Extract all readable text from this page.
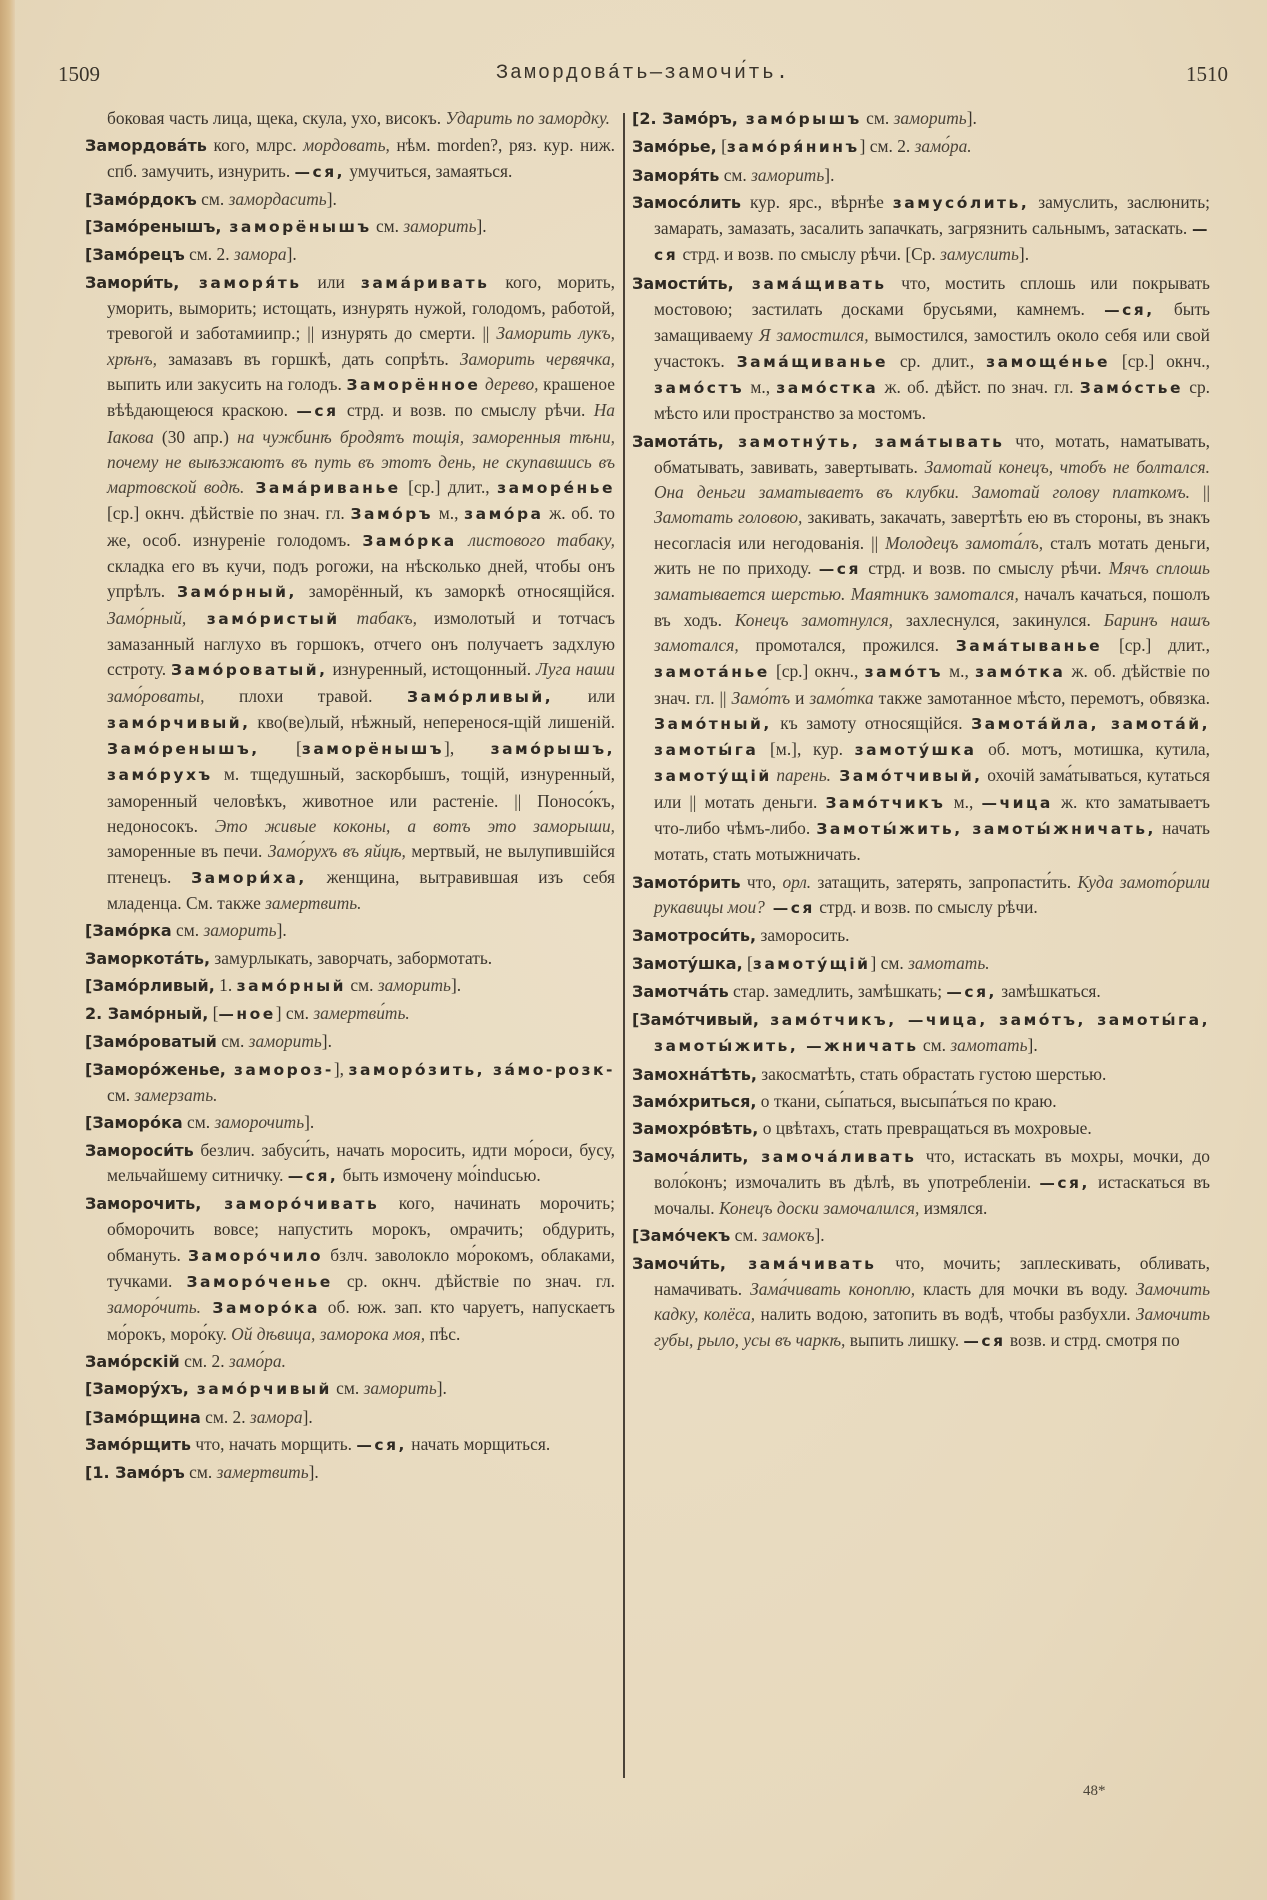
1509	Замордовáть—замочи́ть.	1510

боковая часть лица, щека, скула, ухо, високъ. Ударить по замордку.

Замордовáть кого, млрс. мордовать, нѣм. morden?, ряз. кур. ниж. спб. замучить, изнурить. —ся, умучиться, замаяться.

[Замо́рдокъ см. замордасить].

[Замо́ренышъ, заморёнышъ см. заморить].

[Замо́рецъ см. 2. замора].

Замори́ть, заморя́ть или зама́ривать кого, морить, уморить, выморить; истощать, изнурять нужой, голодомъ, работой, тревогой и заботамиипр.; || изнурять до смерти. || Заморить лукъ, хрѣнъ, замазавъ въ горшкѣ, дать сопрѣть. Заморить червячка, выпить или закусить на голодъ. Заморённое дерево, крашеное вѣѣдающеюся краскою. —ся стрд. и возв. по смыслу рѣчи. На Iакова (30 апр.) на чужбинѣ бродятъ тощія, заморенныя тѣни, почему не выѣзжаютъ въ путь въ этотъ день, не скупавшись въ мартовской водѣ. Зама́риванье [ср.] длит., заморе́нье [ср.] окнч. дѣйствіе по знач. гл. Замо́ръ м., замо́ра ж. об. то же, особ. изнуреніе голодомъ. Замо́рка листового табаку, складка его въ кучи, подъ рогожи, на нѣсколько дней, чтобы онъ упрѣлъ. Замо́рный, заморённый, къ заморкѣ относящійся. Замо́рный, замо́ристый табакъ, измолотый и тотчасъ замазанный наглухо въ горшокъ, отчего онъ получаетъ задхлую сстроту. Замо́роватый, изнуренный, истощонный. Луга наши замо́роваты, плохи травой. Замо́рливый, или замо́рчивый, кво(ве)лый, нѣжный, неперенося-щій лишеній. Замо́ренышъ, [заморёнышъ], замо́рышъ, замо́рухъ м. тщедушный, заскорбышъ, тощій, изнуренный, заморенный человѣкъ, животное или растеніе. || Поносо́къ, недоносокъ. Это живые коконы, а вотъ это заморыши, заморенные въ печи. Замо́рухъ въ яйцѣ, мертвый, не вылупившійся птенецъ. Замори́ха, женщина, вытравившая изъ себя младенца. См. также замертвить.

[Замо́рка см. заморить].

Заморкота́ть, замурлыкать, заворчать, забормотать.

[Замо́рливый, 1. замо́рный см. заморить].

2. Замо́рный, [—ное] см. замертви́ть.

[Замо́роватый см. заморить].

[Заморо́женье, замороз-], заморо́зить, за́мо-розк- см. замерзать.

[Заморо́ка см. заморочить].

Замороси́ть безлич. забуси́ть, начать моросить, идти мо́роси, бусу, мельчайшему ситничку. —ся, быть измочену мо́induсью.

Заморочить, заморо́чивать кого, начинать морочить; обморочить вовсе; напустить морокъ, омрачить; обдурить, обмануть. Заморо́чило бзлч. заволокло мо́рокомъ, облаками, тучками. Заморо́ченье ср. окнч. дѣйствіе по знач. гл. заморо́чить. Заморо́ка об. юж. зап. кто чаруетъ, напускаетъ мо́рокъ, моро́ку. Ой дѣвица, заморока моя, пѣс.

Замо́рскій см. 2. замо́ра.

[Замору́хъ, замо́рчивый см. заморить].

[Замо́рщина см. 2. замора].

Замо́рщить что, начать морщить. —ся, начать морщиться.

[1. Замо́ръ см. замертвить].

[2. Замо́ръ, замо́рышъ см. заморить].

Замо́рье, [замо́ря́нинъ] см. 2. замо́ра.

Заморя́ть см. заморить].

Замосо́лить кур. ярс., вѣрнѣе замусо́лить, замуслить, заслюнить; замарать, замазать, засалить запачкать, загрязнить сальнымъ, затаскать. —ся стрд. и возв. по смыслу рѣчи. [Ср. замуслить].

Замости́ть, зама́щивать что, мостить сплошь или покрывать мостовою; застилать досками брусьями, камнемъ. —ся, быть замащиваему Я замостился, вымостился, замостилъ около себя или свой участокъ. Зама́щиванье ср. длит., замоще́нье [ср.] окнч., замо́стъ м., замо́стка ж. об. дѣйст. по знач. гл. Замо́стье ср. мѣсто или пространство за мостомъ.

Замота́ть, замотну́ть, зама́тывать что, мотать, наматывать, обматывать, завивать, завертывать. Замотай конецъ, чтобъ не болтался. Она деньги заматываетъ въ клубки. Замотай голову платкомъ. || Замотать головою, закивать, закачать, завертѣть ею въ стороны, въ знакъ несогласія или негодованія. || Молодецъ замота́лъ, сталъ мотать деньги, жить не по приходу. —ся стрд. и возв. по смыслу рѣчи. Мячъ сплошь заматывается шерстью. Маятникъ замотался, началъ качаться, пошолъ въ ходъ. Конецъ замотнулся, захлеснулся, закинулся. Баринъ нашъ замотался, промотался, прожился. Зама́тыванье [ср.] длит., замота́нье [ср.] окнч., замо́тъ м., замо́тка ж. об. дѣйствіе по знач. гл. || Замо́тъ и замо́тка также замотанное мѣсто, перемотъ, обвязка. Замо́тный, къ замоту относящійся. Замота́йла, замота́й, замоты́га [м.], кур. замоту́шка об. мотъ, мотишка, кутила, замоту́щій парень. Замо́тчивый, охочій зама́тываться, кутаться или || мотать деньги. Замо́тчикъ м., —чица ж. кто заматываетъ что-либо чѣмъ-либо. Замоты́жить, замоты́жничать, начать мотать, стать мотыжничать.

Замото́рить что, орл. затащить, затерять, запропасти́ть. Куда замото́рили рукавицы мои? —ся стрд. и возв. по смыслу рѣчи.

Замотроси́ть, заморосить.

Замоту́шка, [замоту́щій] см. замотать.

Замотча́ть стар. замедлить, замѣшкать; —ся, замѣшкаться.

[Замо́тчивый, замо́тчикъ, —чица, замо́тъ, замоты́га, замоты́жить, —жничать см. замотать].

Замохна́тѣть, закосматѣть, стать обрастать густою шерстью.

Замо́хриться, о ткани, сы́паться, высыпа́ться по краю.

Замохро́вѣть, о цвѣтахъ, стать превращаться въ мохровые.

Замоча́лить, замоча́ливать что, истаскать въ мохры, мочки, до воло́конъ; измочалить въ дѣлѣ, въ употребленіи. —ся, истаскаться въ мочалы. Конецъ доски замочалился, измялся.

[Замо́чекъ см. замокъ].

Замочи́ть, зама́чивать что, мочить; заплескивать, обливать, намачивать. Зама́чивать коноплю, класть для мочки въ воду. Замочить кадку, колёса, налить водою, затопить въ водѣ, чтобы разбухли. Замочить губы, рыло, усы въ чаркѣ, выпить лишку. —ся возв. и стрд. смотря по

48*
